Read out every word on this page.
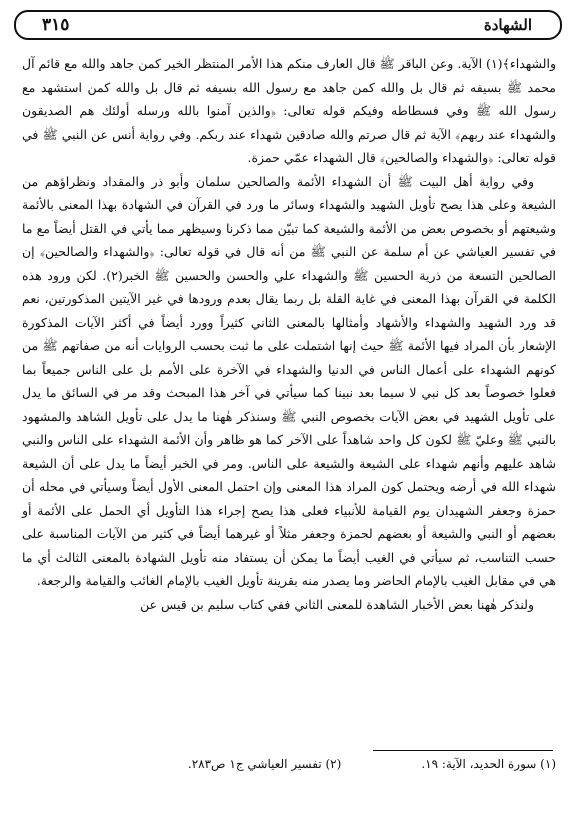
٣١٥	الشهادة

والشهداء﴾(١) الآية. وعن الباقر ﷺ قال العارف منكم هذا الأمر المنتظر الخير كمن جاهد والله مع قائم آل محمد ﷺ بسيفه ثم قال بل والله كمن جاهد مع رسول الله بسيفه ثم قال بل والله كمن استشهد مع رسول الله ﷺ وفي فسطاطه وفيكم قوله تعالى: ﴿والذين آمنوا بالله ورسله أولئك هم الصديقون والشهداء عند ربهم﴾ الآية ثم قال صرتم والله صادقين شهداء عند ربكم. وفي رواية أنس عن النبي ﷺ في قوله تعالى: ﴿والشهداء والصالحين﴾ قال الشهداء عمّي حمزة.

وفي رواية أهل البيت ﷺ أن الشهداء الأئمة والصالحين سلمان وأبو ذر والمقداد ونظراؤهم من الشيعة وعلى هذا يصح تأويل الشهيد والشهداء وسائر ما ورد في القرآن في الشهادة بهذا المعنى بالأئمة وشيعتهم أو بخصوص بعض من الأئمة والشيعة كما تبيّن مما ذكرنا وسيظهر مما يأتي في القتل أيضاً مع ما في تفسير العياشي عن أم سلمة عن النبي ﷺ من أنه قال في قوله تعالى: ﴿والشهداء والصالحين﴾ إن الصالحين التسعة من ذرية الحسين ﷺ والشهداء علي والحسن والحسين ﷺ الخبر(٢). لكن ورود هذه الكلمة في القرآن بهذا المعنى في غاية القلة بل ربما يقال بعدم ورودها في غير الآيتين المذكورتين، نعم قد ورد الشهيد والشهداء والأشهاد وأمثالها بالمعنى الثاني كثيراً وورد أيضاً في أكثر الآيات المذكورة الإشعار بأن المراد فيها الأئمة ﷺ حيث إنها اشتملت على ما ثبت بحسب الروايات أنه من صفاتهم ﷺ من كونهم الشهداء على أعمال الناس في الدنيا والشهداء في الآخرة على الأمم بل على الناس جميعاً بما فعلوا خصوصاً بعد كل نبي لا سيما بعد نبينا كما سيأتي في آخر هذا المبحث وقد مر في السائق ما يدل على تأويل الشهيد في بعض الآيات بخصوص النبي ﷺ وسنذكر هٰهنا ما يدل على تأويل الشاهد والمشهود بالنبي ﷺ وعليّ ﷺ لكون كل واحد شاهداً على الآخر كما هو ظاهر وأن الأئمة الشهداء على الناس والنبي شاهد عليهم وأنهم شهداء على الشيعة والشيعة على الناس. ومر في الخبر أيضاً ما يدل على أن الشيعة شهداء الله في أرضه ويحتمل كون المراد هذا المعنى وإن احتمل المعنى الأول أيضاً وسيأتي في محله أن حمزة وجعفر الشهيدان يوم القيامة للأنبياء فعلى هذا يصح إجراء هذا التأويل أي الحمل على الأئمة أو بعضهم أو النبي والشيعة أو بعضهم لحمزة وجعفر مثلاً أو غيرهما أيضاً في كثير من الآيات المناسبة على حسب التناسب، ثم سيأتي في الغيب أيضاً ما يمكن أن يستفاد منه تأويل الشهادة بالمعنى الثالث أي ما هي في مقابل الغيب بالإمام الحاضر وما يصدر منه بقرينة تأويل الغيب بالإمام الغائب والقيامة والرجعة.

ولنذكر هٰهنا بعض الأخبار الشاهدة للمعنى الثاني ففي كتاب سليم بن قيس عن

(١) سورة الحديد، الآية: ١٩.
(٢) تفسير العياشي ج١ ص٢٨٣.
